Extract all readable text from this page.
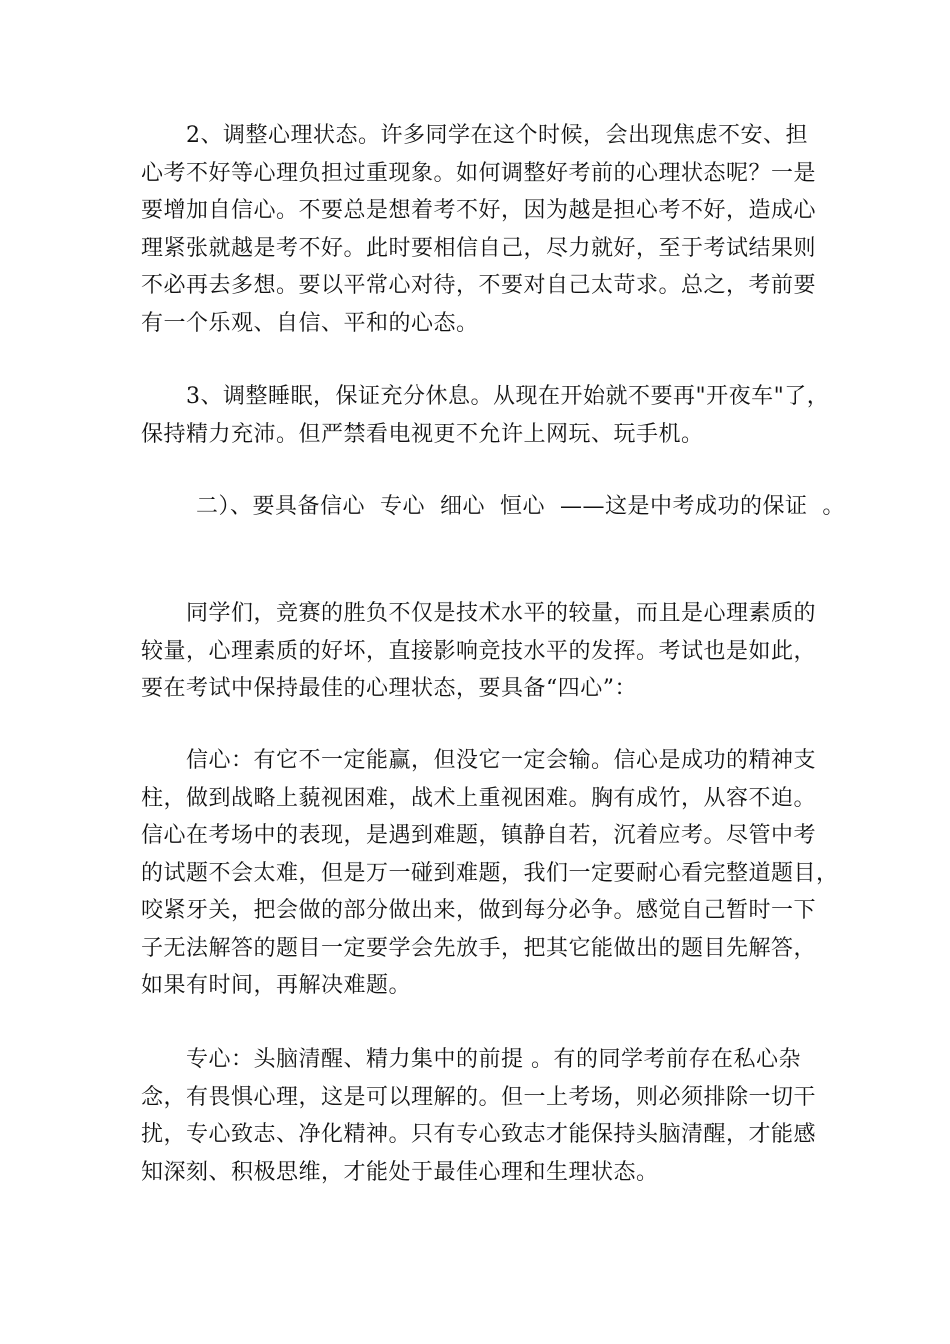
　　2、调整心理状态。许多同学在这个时候，会出现焦虑不安、担
心考不好等心理负担过重现象。如何调整好考前的心理状态呢？一是
要增加自信心。不要总是想着考不好，因为越是担心考不好，造成心
理紧张就越是考不好。此时要相信自己，尽力就好，至于考试结果则
不必再去多想。要以平常心对待，不要对自己太苛求。总之，考前要
有一个乐观、自信、平和的心态。

　　3、调整睡眠，保证充分休息。从现在开始就不要再"开夜车"了，
保持精力充沛。但严禁看电视更不允许上网玩、玩手机。

二）、要具备信心  专心  细心  恒心  ——这是中考成功的保证  。

　　同学们，竞赛的胜负不仅是技术水平的较量，而且是心理素质的
较量，心理素质的好坏，直接影响竞技水平的发挥。考试也是如此，
要在考试中保持最佳的心理状态，要具备“四心”：

　　信心：有它不一定能赢，但没它一定会输。信心是成功的精神支
柱，做到战略上藐视困难，战术上重视困难。胸有成竹，从容不迫。
信心在考场中的表现，是遇到难题，镇静自若，沉着应考。尽管中考
的试题不会太难，但是万一碰到难题，我们一定要耐心看完整道题目，
咬紧牙关，把会做的部分做出来，做到每分必争。感觉自己暂时一下
子无法解答的题目一定要学会先放手，把其它能做出的题目先解答，
如果有时间，再解决难题。

　　专心：头脑清醒、精力集中的前提 。有的同学考前存在私心杂
念，有畏惧心理，这是可以理解的。但一上考场，则必须排除一切干
扰，专心致志、净化精神。只有专心致志才能保持头脑清醒，才能感
知深刻、积极思维，才能处于最佳心理和生理状态。
